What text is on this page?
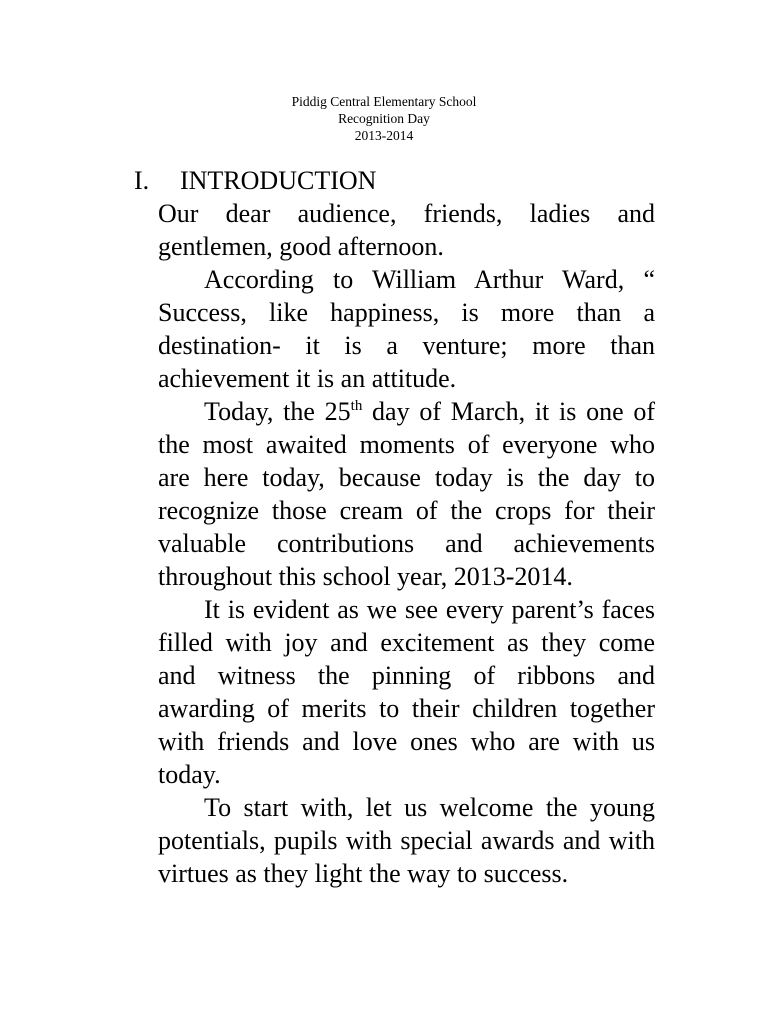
Piddig Central Elementary School
Recognition Day
2013-2014
I. INTRODUCTION

Our dear audience, friends, ladies and gentlemen, good afternoon.

According to William Arthur Ward, “ Success, like happiness, is more than a destination- it is a venture; more than achievement it is an attitude.

Today, the 25th day of March, it is one of the most awaited moments of everyone who are here today, because today is the day to recognize those cream of the crops for their valuable contributions and achievements throughout this school year, 2013-2014.

It is evident as we see every parent’s faces filled with joy and excitement as they come and witness the pinning of ribbons and awarding of merits to their children together with friends and love ones who are with us today.

To start with, let us welcome the young potentials, pupils with special awards and with virtues as they light the way to success.
